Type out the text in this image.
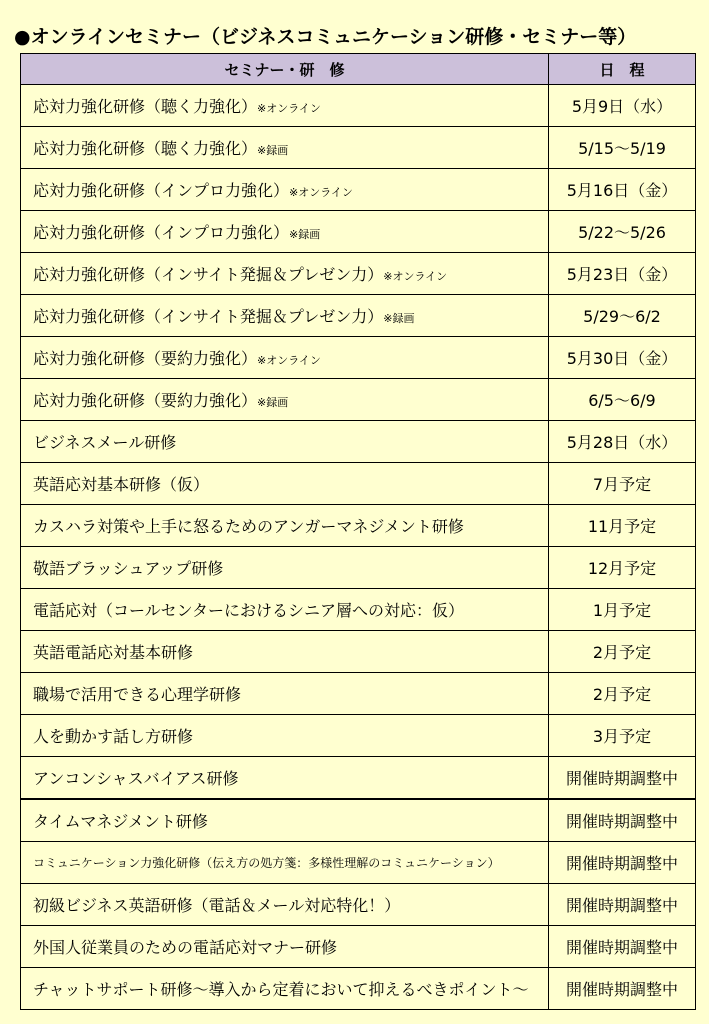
●オンラインセミナー（ビジネスコミュニケーション研修・セミナー等）
セミナー・研　修	日　程
応対力強化研修（聴く力強化）※オンライン	5月9日（水）
応対力強化研修（聴く力強化）※録画	5/15～5/19
応対力強化研修（インプロ力強化）※オンライン	5月16日（金）
応対力強化研修（インプロ力強化）※録画	5/22～5/26
応対力強化研修（インサイト発掘＆プレゼン力）※オンライン	5月23日（金）
応対力強化研修（インサイト発掘＆プレゼン力）※録画	5/29～6/2
応対力強化研修（要約力強化）※オンライン	5月30日（金）
応対力強化研修（要約力強化）※録画	6/5～6/9
ビジネスメール研修	5月28日（水）
英語応対基本研修（仮）	7月予定
カスハラ対策や上手に怒るためのアンガーマネジメント研修	11月予定
敬語ブラッシュアップ研修	12月予定
電話応対（コールセンターにおけるシニア層への対応：仮）	1月予定
英語電話応対基本研修	2月予定
職場で活用できる心理学研修	2月予定
人を動かす話し方研修	3月予定
アンコンシャスバイアス研修	開催時期調整中
タイムマネジメント研修	開催時期調整中
コミュニケーション力強化研修（伝え方の処方箋：多様性理解のコミュニケーション）	開催時期調整中
初級ビジネス英語研修（電話＆メール対応特化！）	開催時期調整中
外国人従業員のための電話応対マナー研修	開催時期調整中
チャットサポート研修～導入から定着において抑えるべきポイント～	開催時期調整中
